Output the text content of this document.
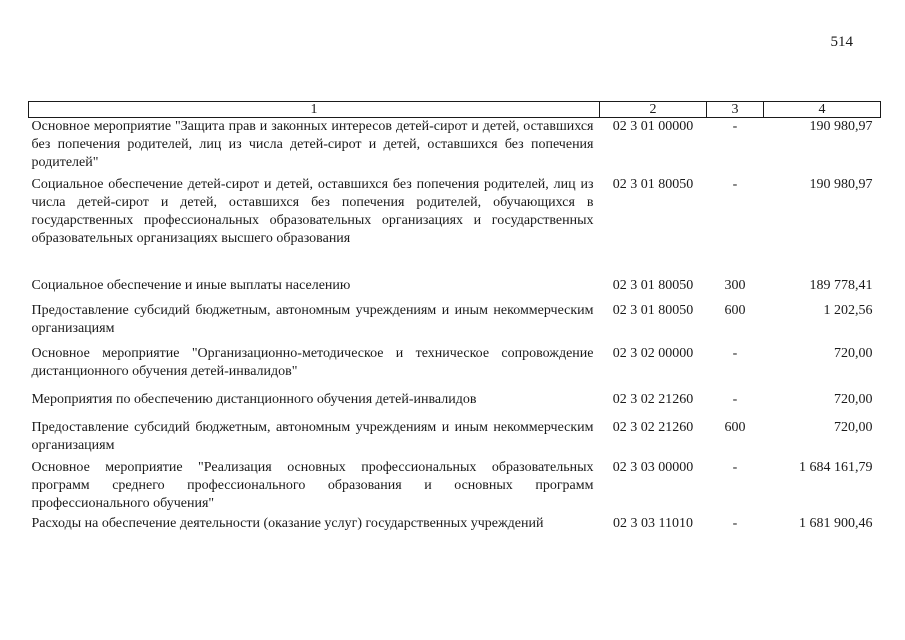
514
1	2	3	4
Основное мероприятие "Защита прав и законных интересов детей-сирот и детей, оставшихся без попечения родителей, лиц из числа детей-сирот и детей, оставшихся без попечения родителей"	02 3 01 00000	-	190 980,97
Социальное обеспечение детей-сирот и детей, оставшихся без попечения родителей, лиц из числа детей-сирот и детей, оставшихся без попечения родителей, обучающихся в государственных профессиональных образовательных организациях и государственных образовательных организациях высшего образования	02 3 01 80050	-	190 980,97
Социальное обеспечение и иные выплаты населению	02 3 01 80050	300	189 778,41
Предоставление субсидий бюджетным, автономным учреждениям и иным некоммерческим организациям	02 3 01 80050	600	1 202,56
Основное мероприятие "Организационно-методическое и техническое сопровождение дистанционного обучения детей-инвалидов"	02 3 02 00000	-	720,00
Мероприятия по обеспечению дистанционного обучения детей-инвалидов	02 3 02 21260	-	720,00
Предоставление субсидий бюджетным, автономным учреждениям и иным некоммерческим организациям	02 3 02 21260	600	720,00
Основное мероприятие "Реализация основных профессиональных образовательных программ среднего профессионального образования и основных программ профессионального обучения"	02 3 03 00000	-	1 684 161,79
Расходы на обеспечение деятельности (оказание услуг) государственных учреждений	02 3 03 11010	-	1 681 900,46
